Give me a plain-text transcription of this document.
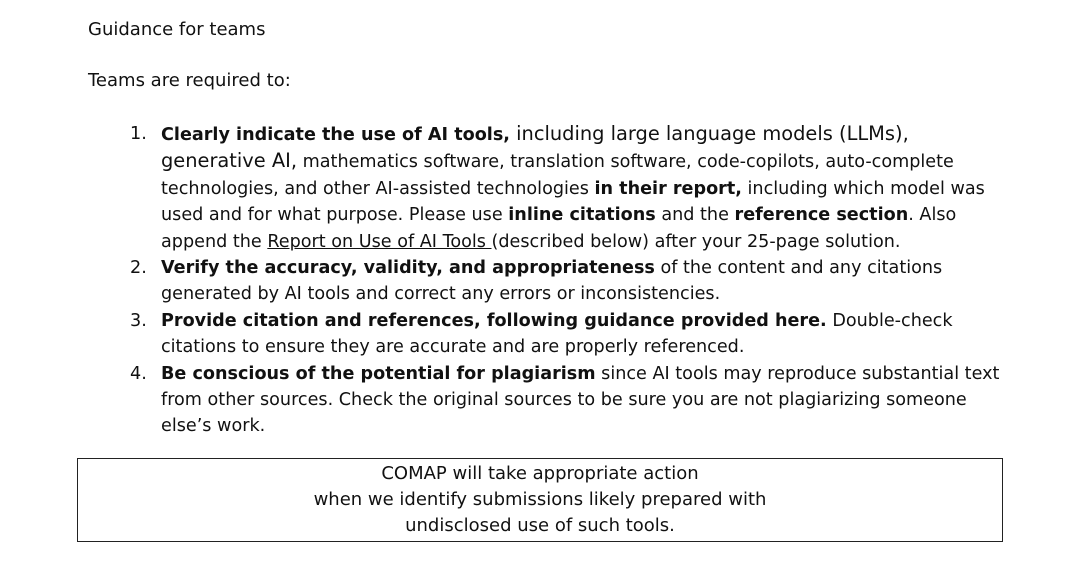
Guidance for teams
Teams are required to:
1. Clearly indicate the use of AI tools, including large language models (LLMs), generative AI, mathematics software, translation software, code-copilots, auto-complete technologies, and other AI-assisted technologies in their report, including which model was used and for what purpose. Please use inline citations and the reference section. Also append the Report on Use of AI Tools (described below) after your 25-page solution.
2. Verify the accuracy, validity, and appropriateness of the content and any citations generated by AI tools and correct any errors or inconsistencies.
3. Provide citation and references, following guidance provided here. Double-check citations to ensure they are accurate and are properly referenced.
4. Be conscious of the potential for plagiarism since AI tools may reproduce substantial text from other sources. Check the original sources to be sure you are not plagiarizing someone else’s work.
COMAP will take appropriate action
when we identify submissions likely prepared with
undisclosed use of such tools.
